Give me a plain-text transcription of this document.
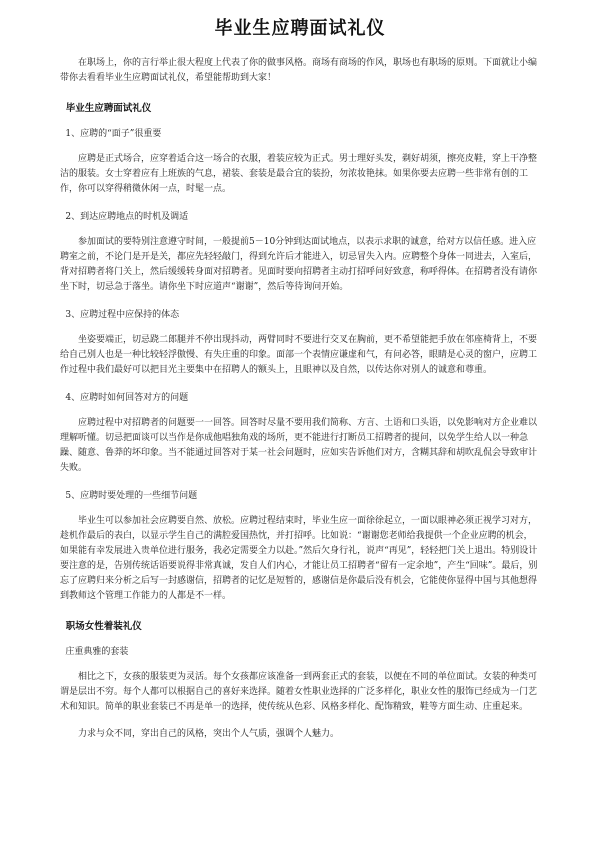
毕业生应聘面试礼仪

在职场上，你的言行举止很大程度上代表了你的做事风格。商场有商场的作风，职场也有职场的原则。下面就让小编带你去看看毕业生应聘面试礼仪，希望能帮助到大家！

毕业生应聘面试礼仪
1、应聘的“面子”很重要

应聘是正式场合，应穿着适合这一场合的衣服，着装应较为正式。男士理好头发，剃好胡须，擦亮皮鞋，穿上干净整洁的服装。女士穿着应有上班族的气息，裙装、套装是最合宜的装扮，勿浓妆艳抹。如果你要去应聘一些非常有创的工作，你可以穿得稍微休闲一点，时髦一点。

2、到达应聘地点的时机及调适

参加面试的要特别注意遵守时间，一般提前5－10分钟到达面试地点，以表示求职的诚意，给对方以信任感。进入应聘室之前，不论门是开是关，都应先轻轻敲门，得到允许后才能进入，切忌冒失入内。应聘整个身体一同进去，入室后，背对招聘者将门关上，然后缓缓转身面对招聘者。见面时要向招聘者主动打招呼问好致意，称呼得体。在招聘者没有请你坐下时，切忌急于落坐。请你坐下时应道声“谢谢”，然后等待询问开始。

3、应聘过程中应保持的体态

坐姿要端正，切忌跷二郎腿并不停出现抖动，两臂同时不要进行交叉在胸前，更不希望能把手放在邻座椅背上，不要给自己别人也是一种比较轻浮傲慢、有失庄重的印象。面部一个表情应谦虚和气，有问必答，眼睛是心灵的窗户，应聘工作过程中我们最好可以把目光主要集中在招聘人的额头上，且眼神以及自然，以传达你对别人的诚意和尊重。

4、应聘时如何回答对方的问题

应聘过程中对招聘者的问题要一一回答。回答时尽量不要用我们简称、方言、土语和口头语，以免影响对方企业难以理解听懂。切忌把面谈可以当作是你成他唱独角戏的场所，更不能进行打断员工招聘者的提问，以免学生给人以一种急躁、随意、鲁莽的坏印象。当不能通过回答对于某一社会问题时，应如实告诉他们对方，含糊其辞和胡吹乱侃会导致审计失败。

5、应聘时要处理的一些细节问题

毕业生可以参加社会应聘要自然、放松。应聘过程结束时，毕业生应一面徐徐起立，一面以眼神必须正视学习对方，趁机作最后的表白，以显示学生自己的满腔爱国热忱，并打招呼。比如说：“谢谢您老师给我提供一个企业应聘的机会，如果能有幸发展进入贵单位进行服务，我必定需要全力以赴。”然后欠身行礼，说声“再见”，轻轻把门关上退出。特别设计要注意的是，告别传统话语要说得非常真诚，发自人们内心，才能让员工招聘者“留有一定余地”，产生“回味”。最后，别忘了应聘归来分析之后写一封感谢信，招聘者的记忆是短暂的，感谢信是你最后没有机会，它能使你显得中国与其他想得到教师这个管理工作能力的人都是不一样。

职场女性着装礼仪
庄重典雅的套装

相比之下，女孩的服装更为灵活。每个女孩都应该准备一到两套正式的套装，以便在不同的单位面试。女装的种类可谓是层出不穷。每个人都可以根据自己的喜好来选择。随着女性职业选择的广泛多样化，职业女性的服饰已经成为一门艺术和知识。简单的职业套装已不再是单一的选择，使传统从色彩、风格多样化、配饰精致，鞋等方面生动、庄重起来。

力求与众不同，穿出自己的风格，突出个人气质，强调个人魅力。
